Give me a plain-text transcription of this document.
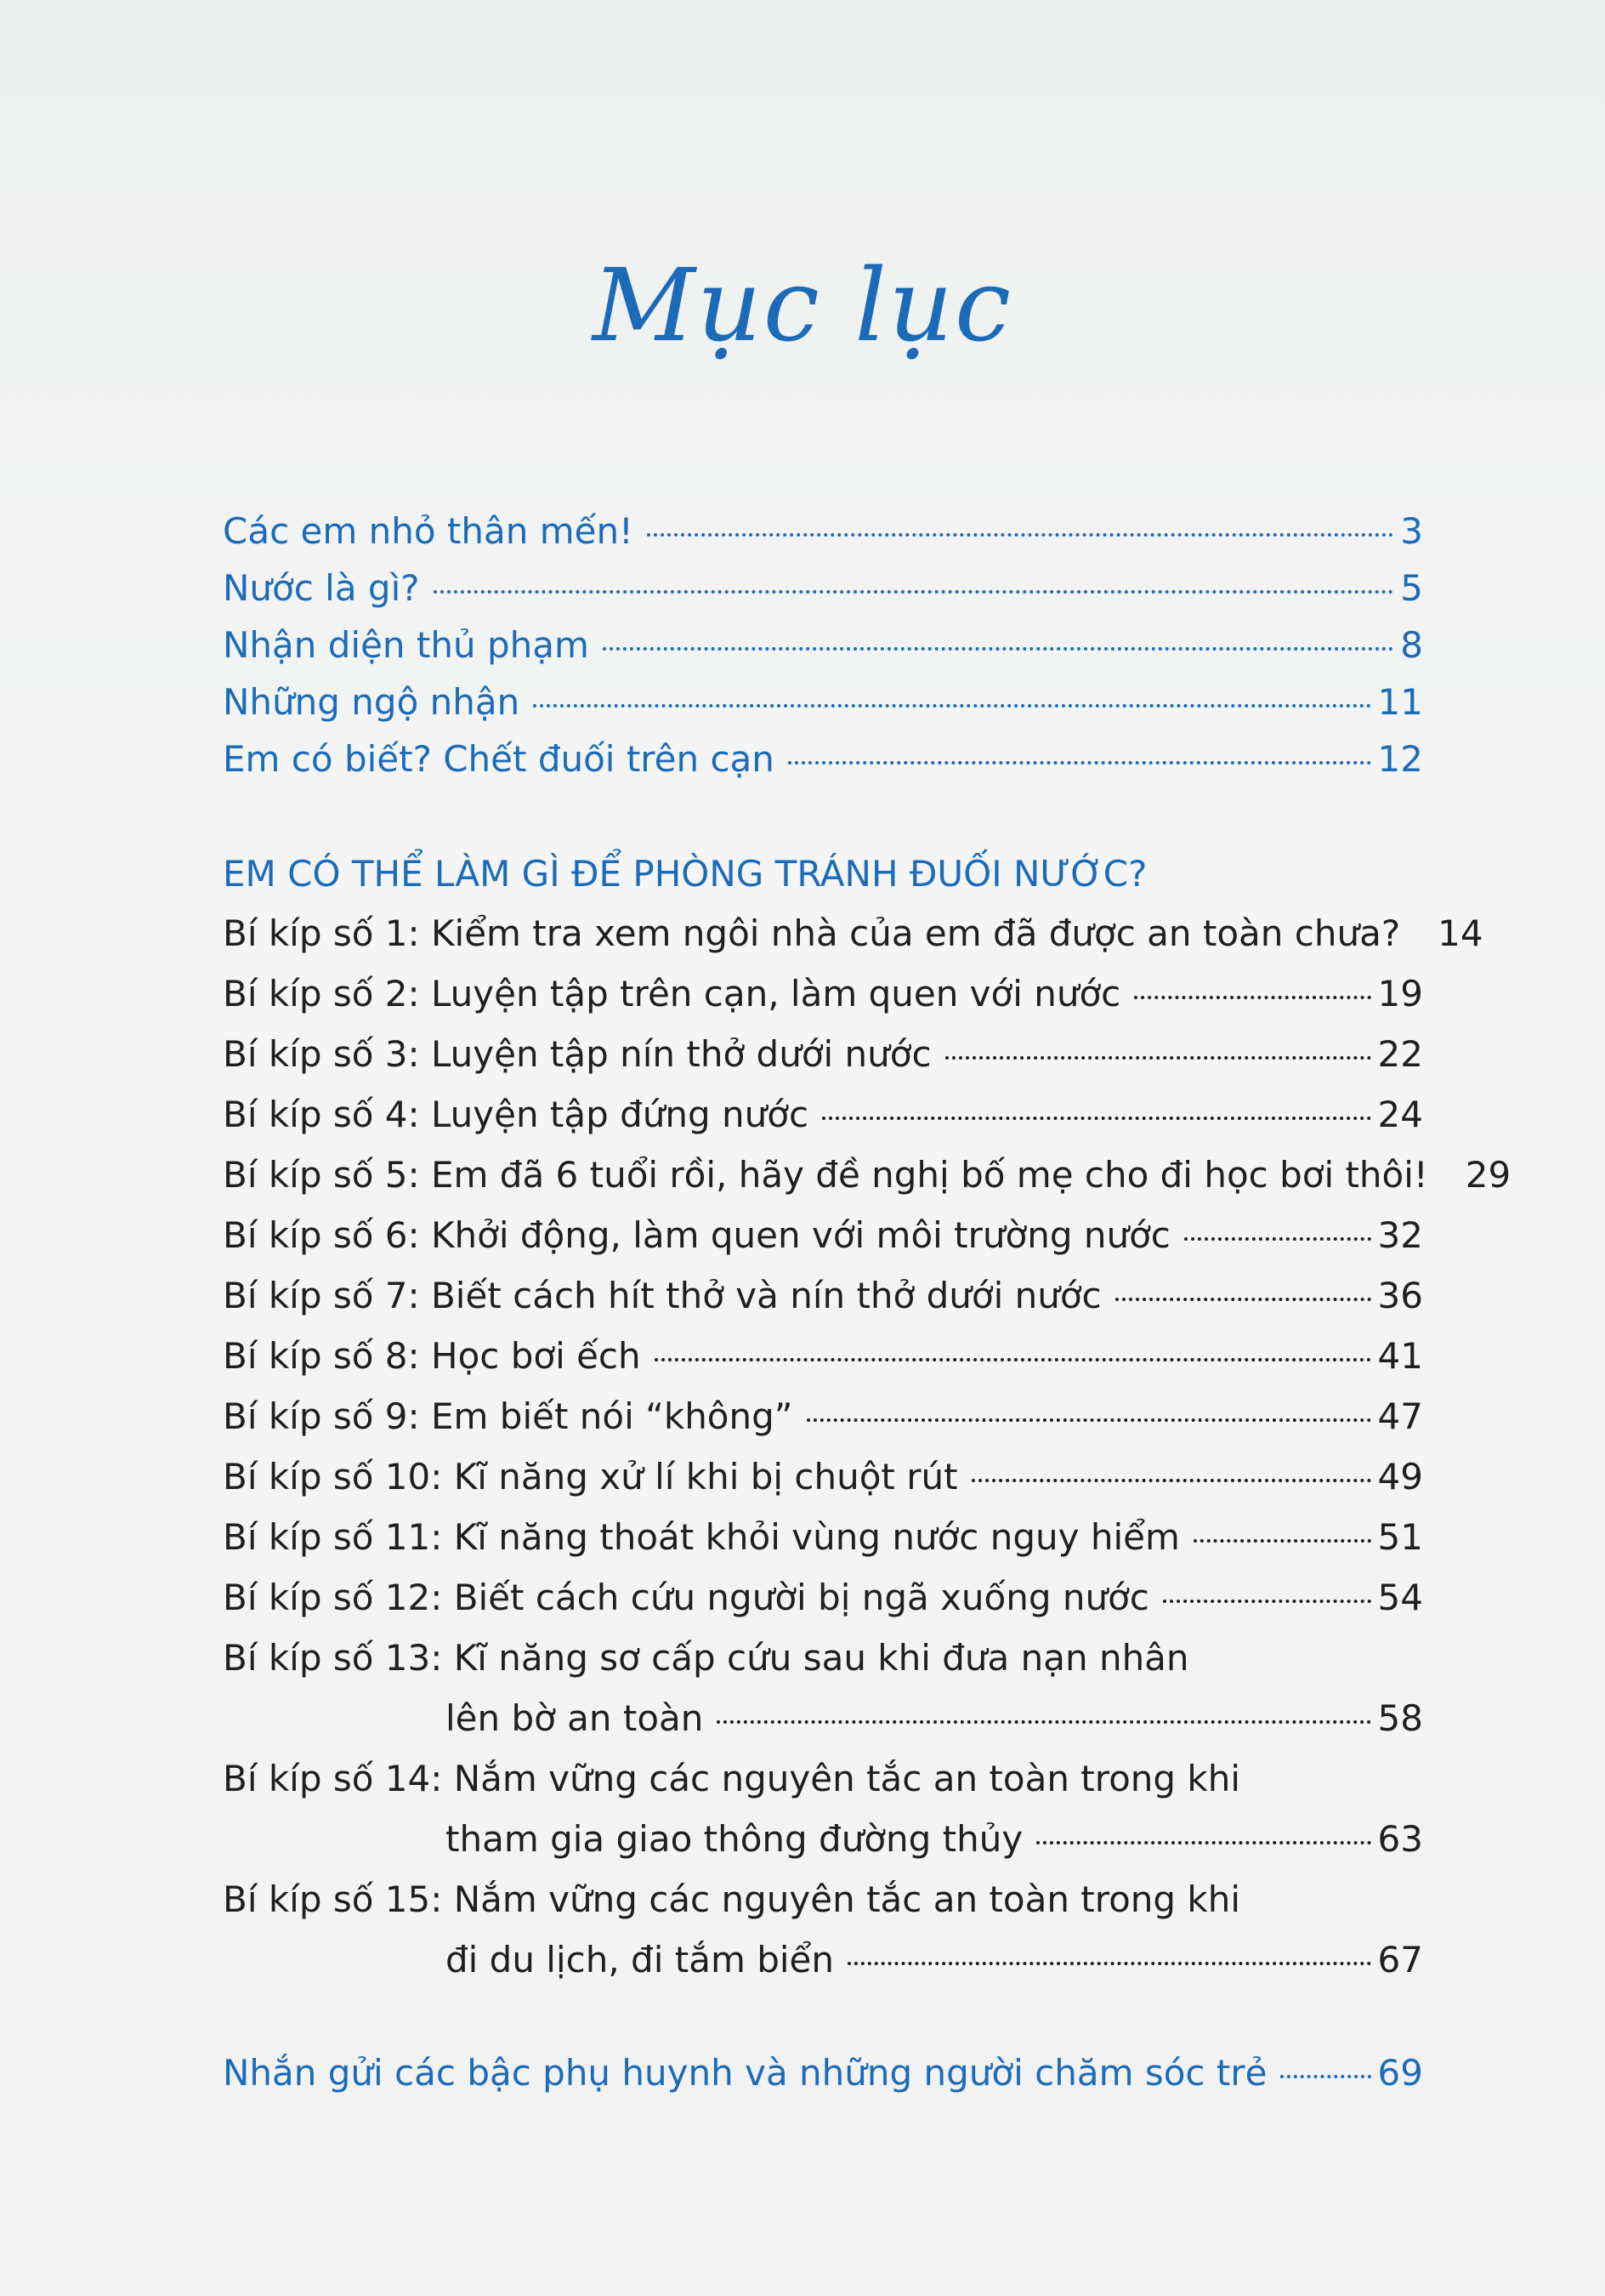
Mục lục
Các em nhỏ thân mến!	3
Nước là gì?	5
Nhận diện thủ phạm	8
Những ngộ nhận	11
Em có biết? Chết đuối trên cạn	12
EM CÓ THỂ LÀM GÌ ĐỂ PHÒNG TRÁNH ĐUỐI NƯỚC?
Bí kíp số 1: Kiểm tra xem ngôi nhà của em đã được an toàn chưa? 14
Bí kíp số 2: Luyện tập trên cạn, làm quen với nước	19
Bí kíp số 3: Luyện tập nín thở dưới nước	22
Bí kíp số 4: Luyện tập đứng nước	24
Bí kíp số 5: Em đã 6 tuổi rồi, hãy đề nghị bố mẹ cho đi học bơi thôi! 29
Bí kíp số 6: Khởi động, làm quen với môi trường nước	32
Bí kíp số 7: Biết cách hít thở và nín thở dưới nước	36
Bí kíp số 8: Học bơi ếch	41
Bí kíp số 9: Em biết nói “không”	47
Bí kíp số 10: Kĩ năng xử lí khi bị chuột rút	49
Bí kíp số 11: Kĩ năng thoát khỏi vùng nước nguy hiểm	51
Bí kíp số 12: Biết cách cứu người bị ngã xuống nước	54
Bí kíp số 13: Kĩ năng sơ cấp cứu sau khi đưa nạn nhân
lên bờ an toàn	58
Bí kíp số 14: Nắm vững các nguyên tắc an toàn trong khi
tham gia giao thông đường thủy	63
Bí kíp số 15: Nắm vững các nguyên tắc an toàn trong khi
đi du lịch, đi tắm biển	67
Nhắn gửi các bậc phụ huynh và những người chăm sóc trẻ	69
